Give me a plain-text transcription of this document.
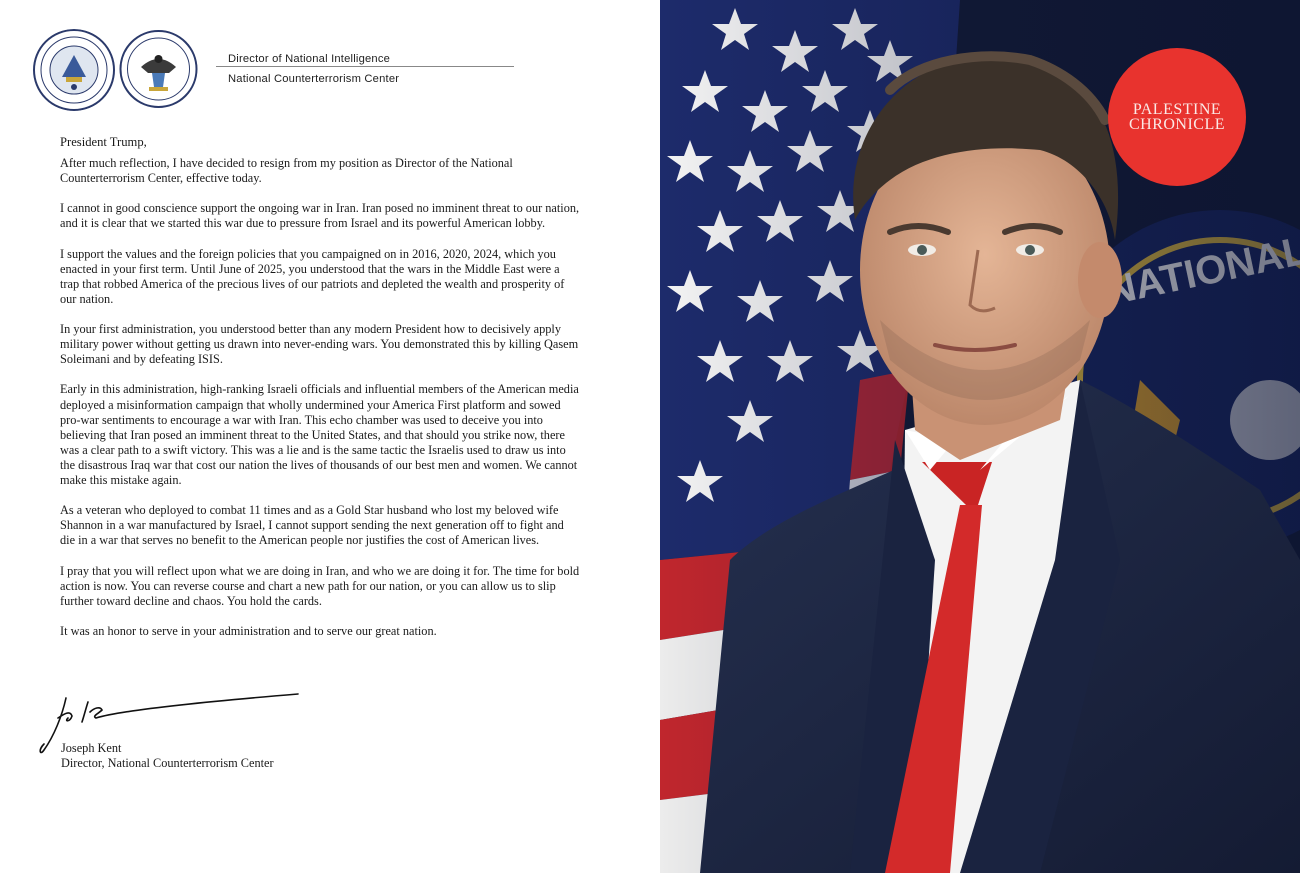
Director of National Intelligence
National Counterterrorism Center
President Trump,

After much reflection, I have decided to resign from my position as Director of the National Counterterrorism Center, effective today.

I cannot in good conscience support the ongoing war in Iran. Iran posed no imminent threat to our nation, and it is clear that we started this war due to pressure from Israel and its powerful American lobby.

I support the values and the foreign policies that you campaigned on in 2016, 2020, 2024, which you enacted in your first term. Until June of 2025, you understood that the wars in the Middle East were a trap that robbed America of the precious lives of our patriots and depleted the wealth and prosperity of our nation.

In your first administration, you understood better than any modern President how to decisively apply military power without getting us drawn into never-ending wars. You demonstrated this by killing Qasem Soleimani and by defeating ISIS.

Early in this administration, high-ranking Israeli officials and influential members of the American media deployed a misinformation campaign that wholly undermined your America First platform and sowed pro-war sentiments to encourage a war with Iran. This echo chamber was used to deceive you into believing that Iran posed an imminent threat to the United States, and that should you strike now, there was a clear path to a swift victory. This was a lie and is the same tactic the Israelis used to draw us into the disastrous Iraq war that cost our nation the lives of thousands of our best men and women. We cannot make this mistake again.

As a veteran who deployed to combat 11 times and as a Gold Star husband who lost my beloved wife Shannon in a war manufactured by Israel, I cannot support sending the next generation off to fight and die in a war that serves no benefit to the American people nor justifies the cost of American lives.

I pray that you will reflect upon what we are doing in Iran, and who we are doing it for. The time for bold action is now. You can reverse course and chart a new path for our nation, or you can allow us to slip further toward decline and chaos. You hold the cards.

It was an honor to serve in your administration and to serve our great nation.

Joseph Kent
Director, National Counterterrorism Center
PALESTINE
CHRONICLE
